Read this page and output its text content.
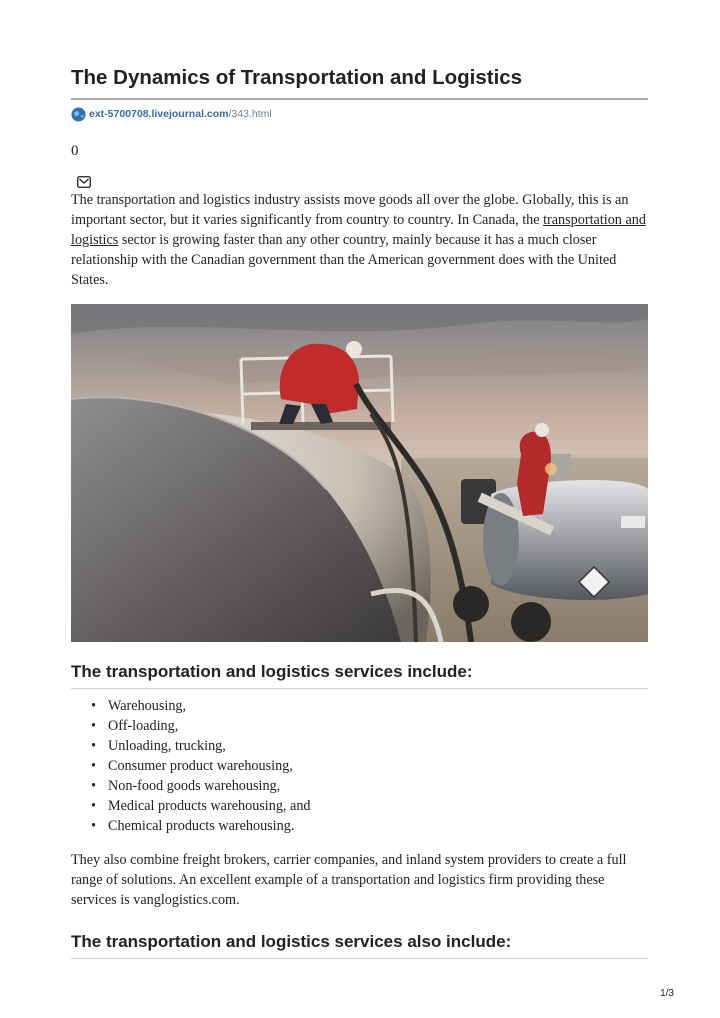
The Dynamics of Transportation and Logistics
ext-5700708.livejournal.com /343.html
0

The transportation and logistics industry assists move goods all over the globe. Globally, this is an important sector, but it varies significantly from country to country. In Canada, the transportation and logistics sector is growing faster than any other country, mainly because it has a much closer relationship with the Canadian government than the American government does with the United States.

The transportation and logistics services include:
• Warehousing,
• Off-loading,
• Unloading, trucking,
• Consumer product warehousing,
• Non-food goods warehousing,
• Medical products warehousing, and
• Chemical products warehousing.

They also combine freight brokers, carrier companies, and inland system providers to create a full range of solutions. An excellent example of a transportation and logistics firm providing these services is vanglogistics.com.

The transportation and logistics services also include:
1/3
